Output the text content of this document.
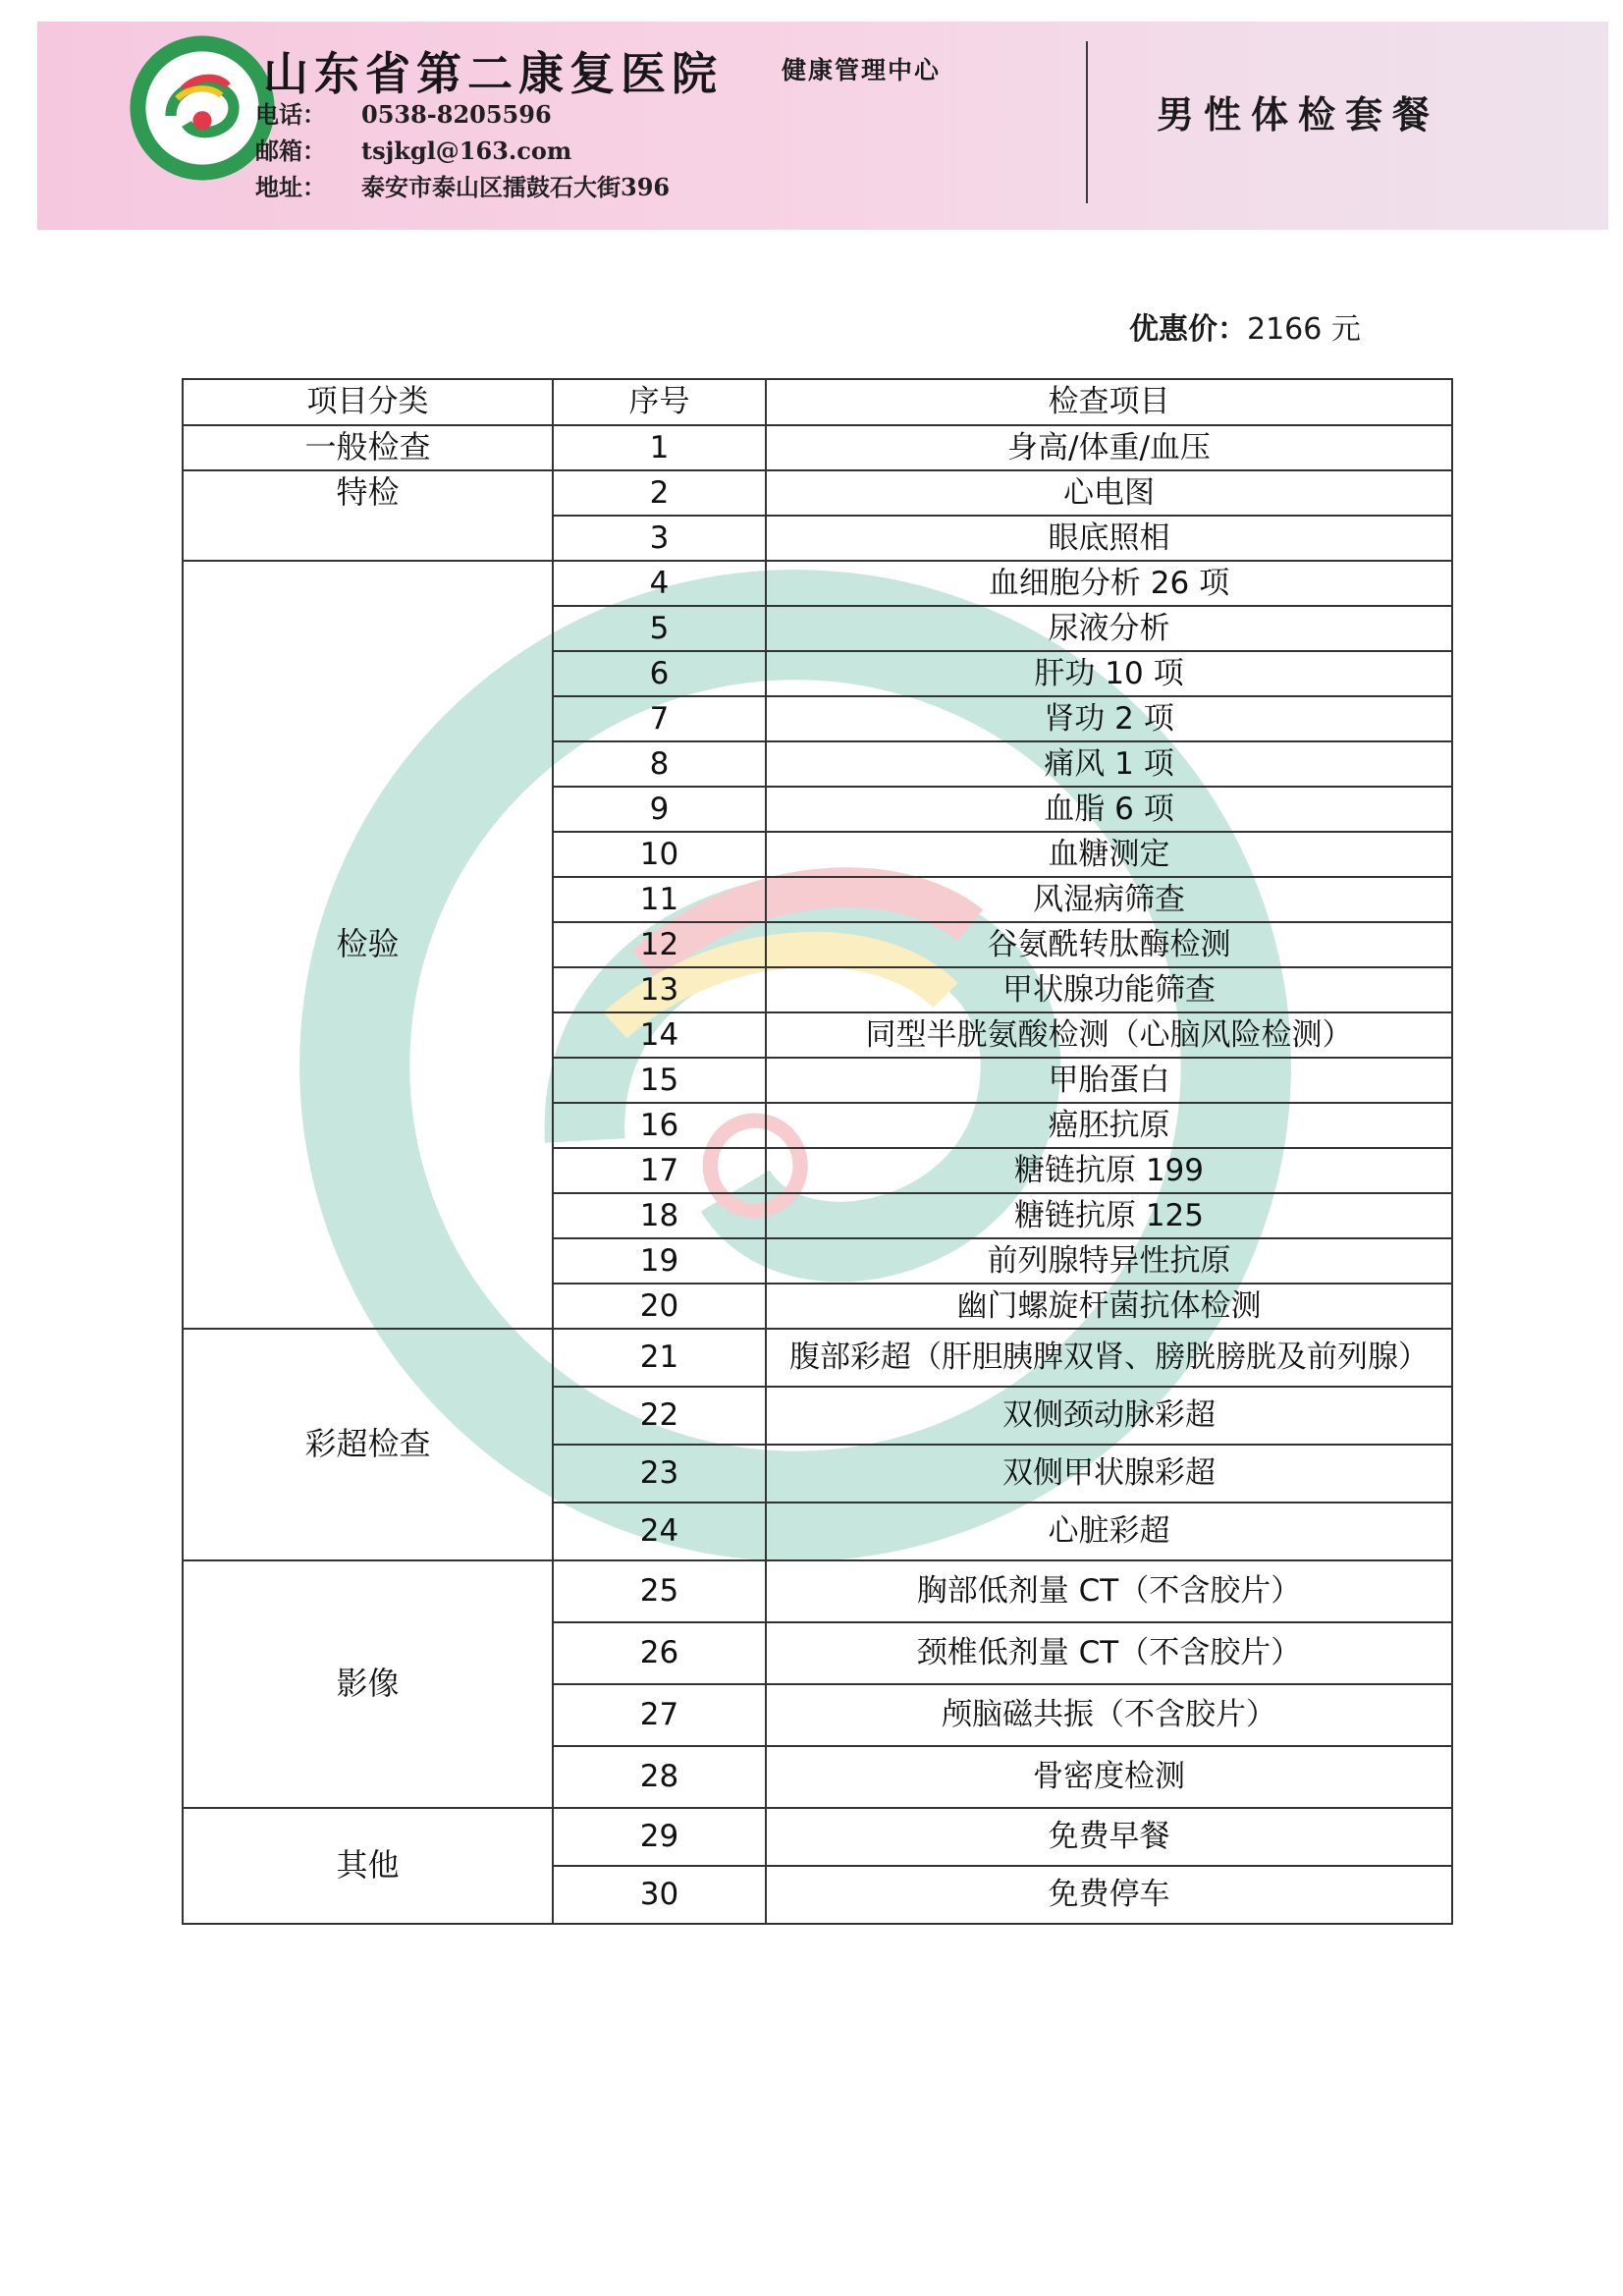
山东省第二康复医院 健康管理中心
电话： 0538-8205596
邮箱： tsjkgl@163.com
地址： 泰安市泰山区擂鼓石大街396
男性体检套餐
优惠价：2166 元
项目分类	序号	检查项目
一般检查	1	身高/体重/血压
特检	2	心电图
	3	眼底照相
检验	4	血细胞分析 26 项
	5	尿液分析
	6	肝功 10 项
	7	肾功 2 项
	8	痛风 1 项
	9	血脂 6 项
	10	血糖测定
	11	风湿病筛查
	12	谷氨酰转肽酶检测
	13	甲状腺功能筛查
	14	同型半胱氨酸检测（心脑风险检测）
	15	甲胎蛋白
	16	癌胚抗原
	17	糖链抗原 199
	18	糖链抗原 125
	19	前列腺特异性抗原
	20	幽门螺旋杆菌抗体检测
彩超检查	21	腹部彩超（肝胆胰脾双肾、膀胱膀胱及前列腺）
	22	双侧颈动脉彩超
	23	双侧甲状腺彩超
	24	心脏彩超
影像	25	胸部低剂量 CT（不含胶片）
	26	颈椎低剂量 CT（不含胶片）
	27	颅脑磁共振（不含胶片）
	28	骨密度检测
其他	29	免费早餐
	30	免费停车
